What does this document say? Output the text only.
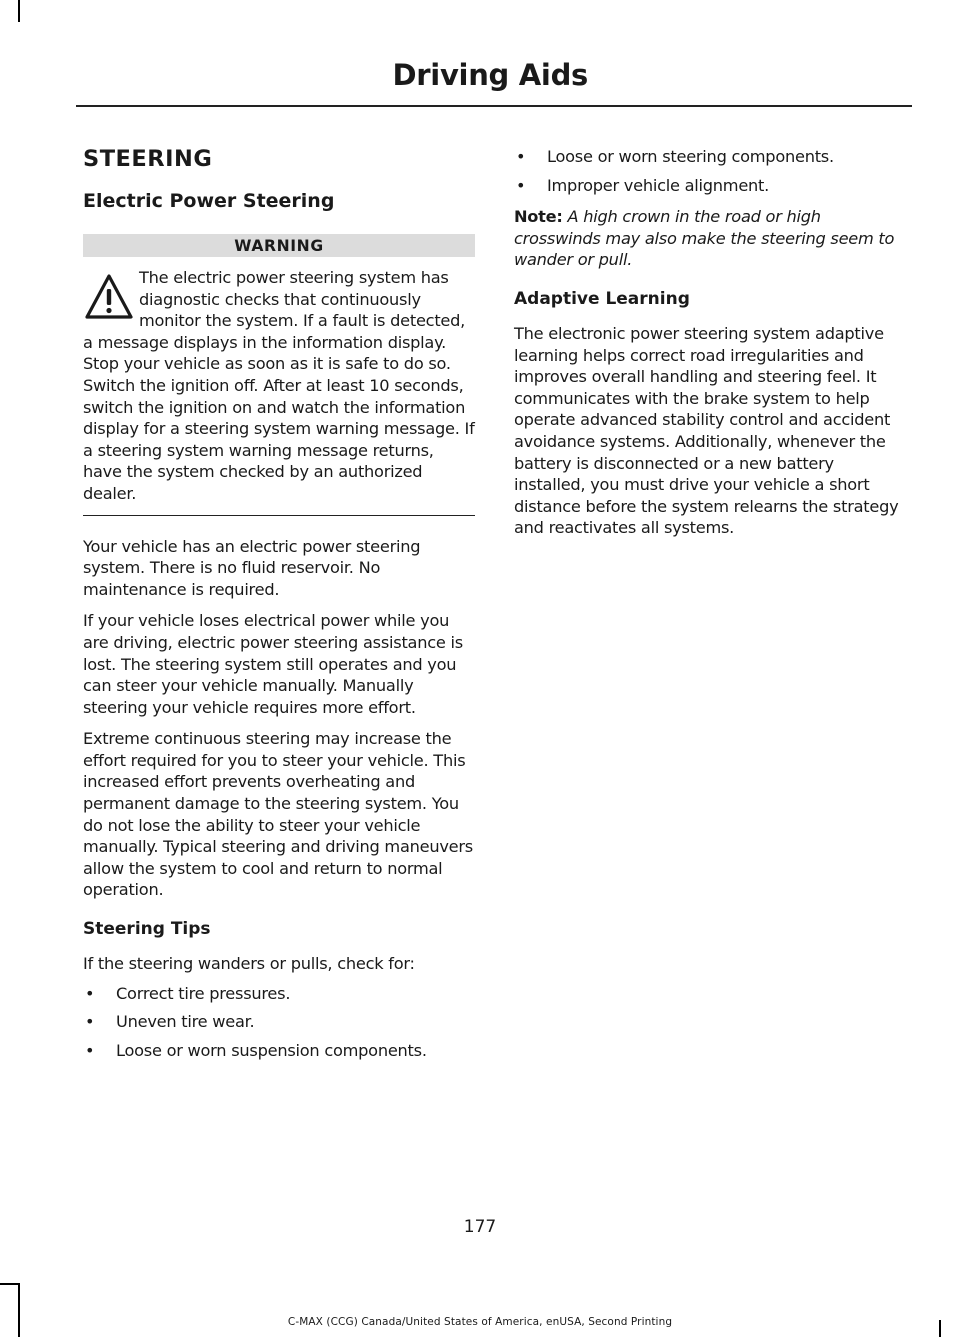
Driving Aids
STEERING
Electric Power Steering
WARNING
The electric power steering system has diagnostic checks that continuously monitor the system. If a fault is detected, a message displays in the information display. Stop your vehicle as soon as it is safe to do so. Switch the ignition off. After at least 10 seconds, switch the ignition on and watch the information display for a steering system warning message. If a steering system warning message returns, have the system checked by an authorized dealer.

Your vehicle has an electric power steering system. There is no fluid reservoir. No maintenance is required.

If your vehicle loses electrical power while you are driving, electric power steering assistance is lost. The steering system still operates and you can steer your vehicle manually. Manually steering your vehicle requires more effort.

Extreme continuous steering may increase the effort required for you to steer your vehicle. This increased effort prevents overheating and permanent damage to the steering system. You do not lose the ability to steer your vehicle manually. Typical steering and driving maneuvers allow the system to cool and return to normal operation.

Steering Tips

If the steering wanders or pulls, check for:

• Correct tire pressures.
• Uneven tire wear.
• Loose or worn suspension components.
• Loose or worn steering components.
• Improper vehicle alignment.

Note: A high crown in the road or high crosswinds may also make the steering seem to wander or pull.

Adaptive Learning

The electronic power steering system adaptive learning helps correct road irregularities and improves overall handling and steering feel. It communicates with the brake system to help operate advanced stability control and accident avoidance systems. Additionally, whenever the battery is disconnected or a new battery installed, you must drive your vehicle a short distance before the system relearns the strategy and reactivates all systems.

177
C-MAX (CCG) Canada/United States of America, enUSA, Second Printing
